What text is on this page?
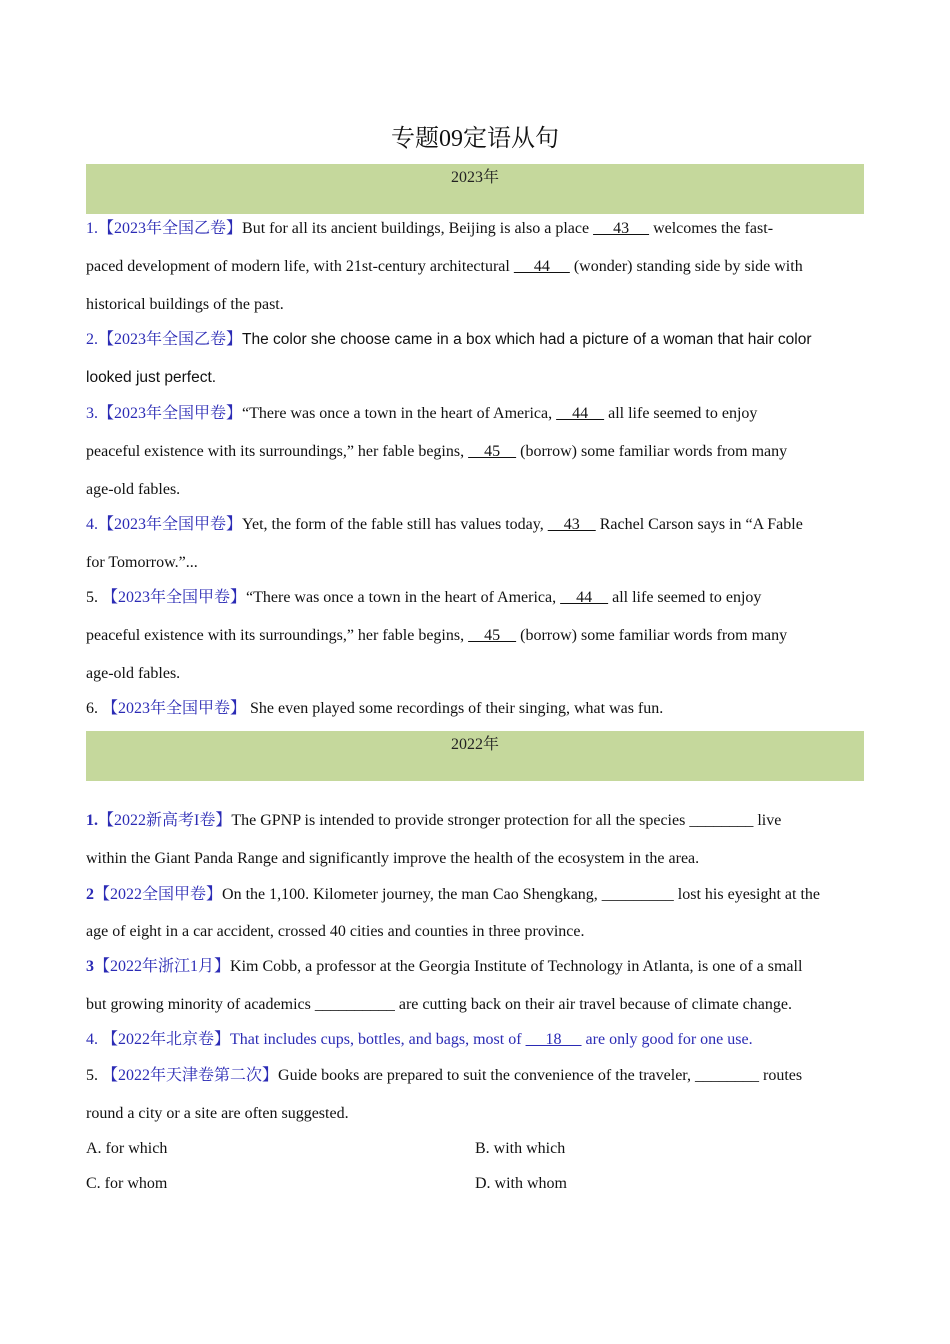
专题09定语从句
2023年
1.【2023年全国乙卷】But for all its ancient buildings, Beijing is also a place      43      welcomes the fast-
paced development of modern life, with 21st-century architectural      44      (wonder) standing side by side with
historical buildings of the past.
2.【2023年全国乙卷】The color she choose came in a box which had a picture of a woman that hair color
looked just perfect.
3.【2023年全国甲卷】“There was once a town in the heart of America,     44     all life seemed to enjoy
peaceful existence with its surroundings,” her fable begins,     45     (borrow) some familiar words from many
age-old fables.
4.【2023年全国甲卷】Yet, the form of the fable still has values today,     43     Rachel Carson says in “A Fable
for Tomorrow.”...
5. 【2023年全国甲卷】“There was once a town in the heart of America,     44     all life seemed to enjoy
peaceful existence with its surroundings,” her fable begins,     45     (borrow) some familiar words from many
age-old fables.
6. 【2023年全国甲卷】 She even played some recordings of their singing, what was fun.
2022年
1.【2022新高考I卷】The GPNP is intended to provide stronger protection for all the species ________ live
within the Giant Panda Range and significantly improve the health of the ecosystem in the area.
2【2022全国甲卷】On the 1,100. Kilometer journey, the man Cao Shengkang, _________ lost his eyesight at the
age of eight in a car accident, crossed 40 cities and counties in three province.
3【2022年浙江1月】Kim Cobb, a professor at the Georgia Institute of Technology in Atlanta, is one of a small
but growing minority of academics __________ are cutting back on their air travel because of climate change.
4. 【2022年北京卷】That includes cups, bottles, and bags, most of      18      are only good for one use.
5. 【2022年天津卷第二次】Guide books are prepared to suit the convenience of the traveler, ________ routes
round a city or a site are often suggested.
A. for which	B. with which
C. for whom	D. with whom
